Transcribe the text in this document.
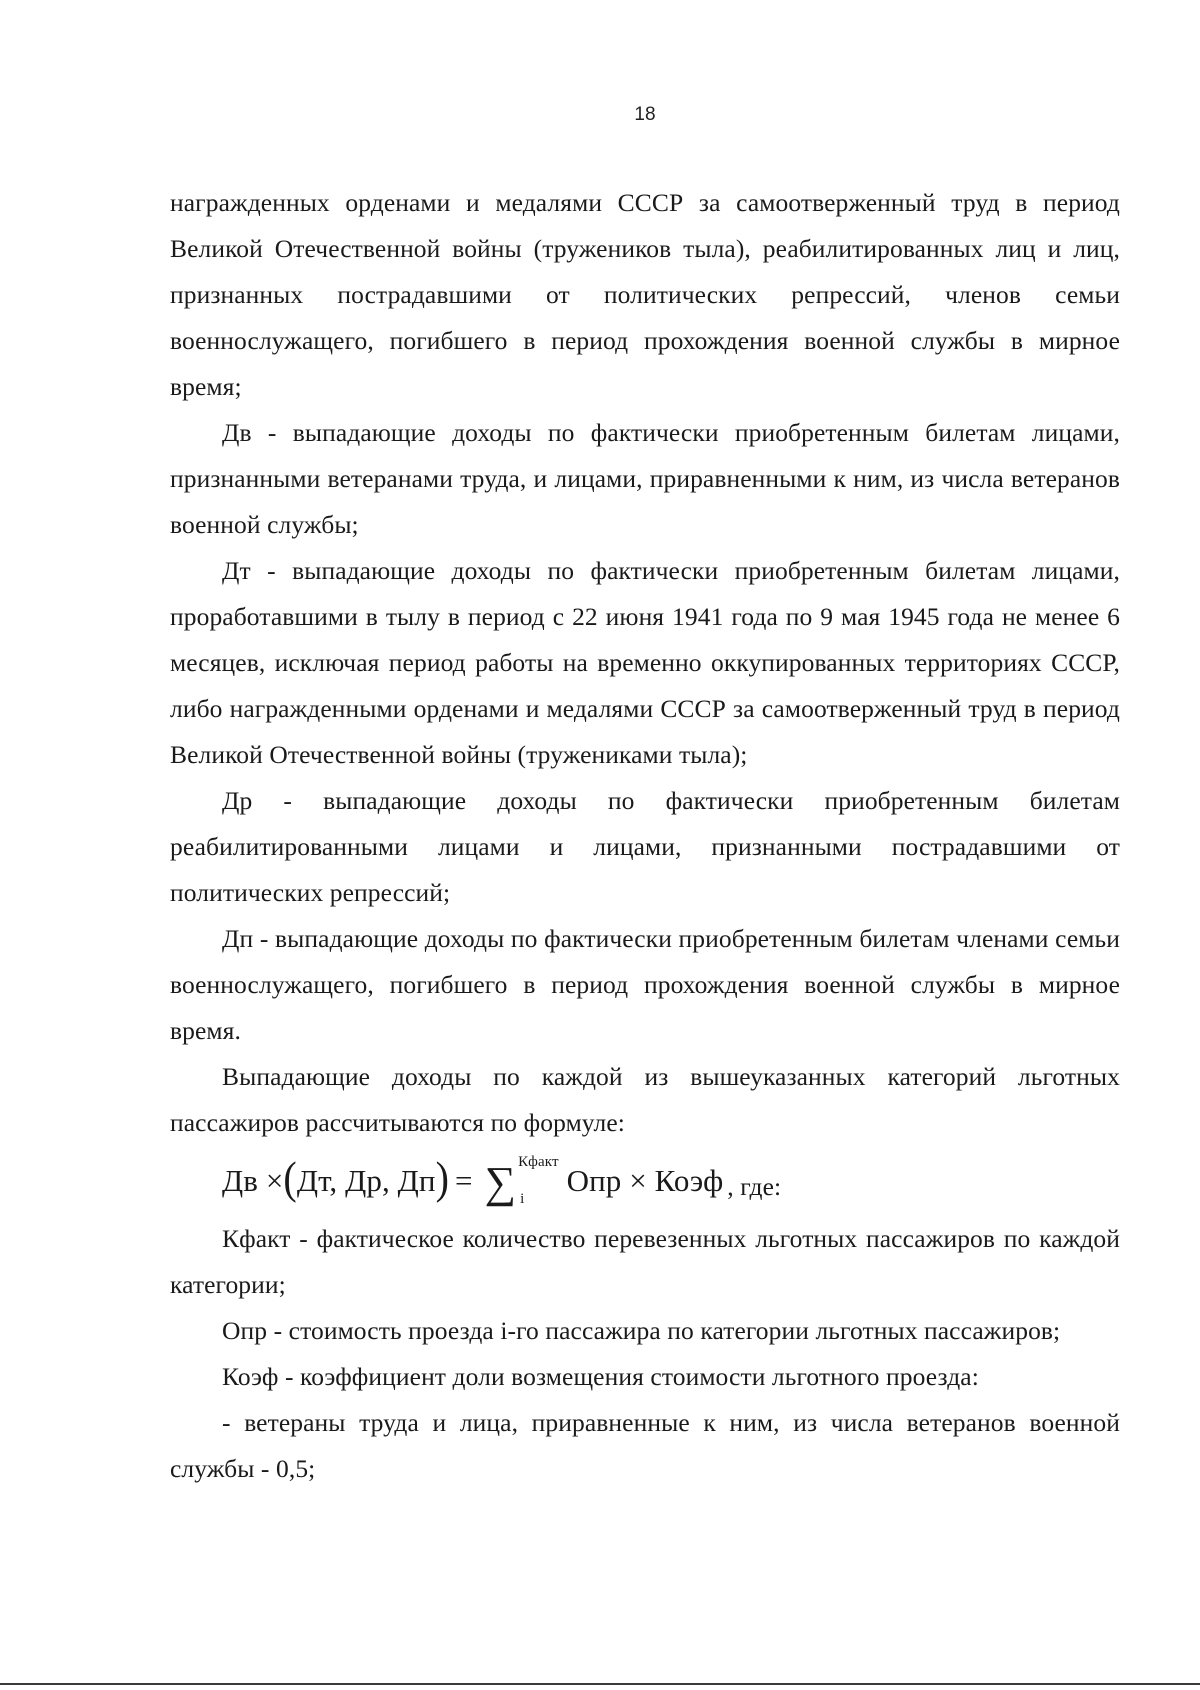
18

награжденных орденами и медалями СССР за самоотверженный труд в период Великой Отечественной войны (тружеников тыла), реабилитированных лиц и лиц, признанных пострадавшими от политических репрессий, членов семьи военнослужащего, погибшего в период прохождения военной службы в мирное время;

Дв - выпадающие доходы по фактически приобретенным билетам лицами, признанными ветеранами труда, и лицами, приравненными к ним, из числа ветеранов военной службы;

Дт - выпадающие доходы по фактически приобретенным билетам лицами, проработавшими в тылу в период с 22 июня 1941 года по 9 мая 1945 года не менее 6 месяцев, исключая период работы на временно оккупированных территориях СССР, либо награжденными орденами и медалями СССР за самоотверженный труд в период Великой Отечественной войны (тружениками тыла);

Др - выпадающие доходы по фактически приобретенным билетам реабилитированными лицами и лицами, признанными пострадавшими от политических репрессий;

Дп - выпадающие доходы по фактически приобретенным билетам членами семьи военнослужащего, погибшего в период прохождения военной службы в мирное время.

Выпадающие доходы по каждой из вышеуказанных категорий льготных пассажиров рассчитываются по формуле:

Дв ×(Дт, Др, Дп) = ∑ Кфакт
i
Опр × Коэф , где:

Кфакт - фактическое количество перевезенных льготных пассажиров по каждой категории;

Опр - стоимость проезда i-го пассажира по категории льготных пассажиров;

Коэф - коэффициент доли возмещения стоимости льготного проезда:

- ветераны труда и лица, приравненные к ним, из числа ветеранов военной службы - 0,5;
